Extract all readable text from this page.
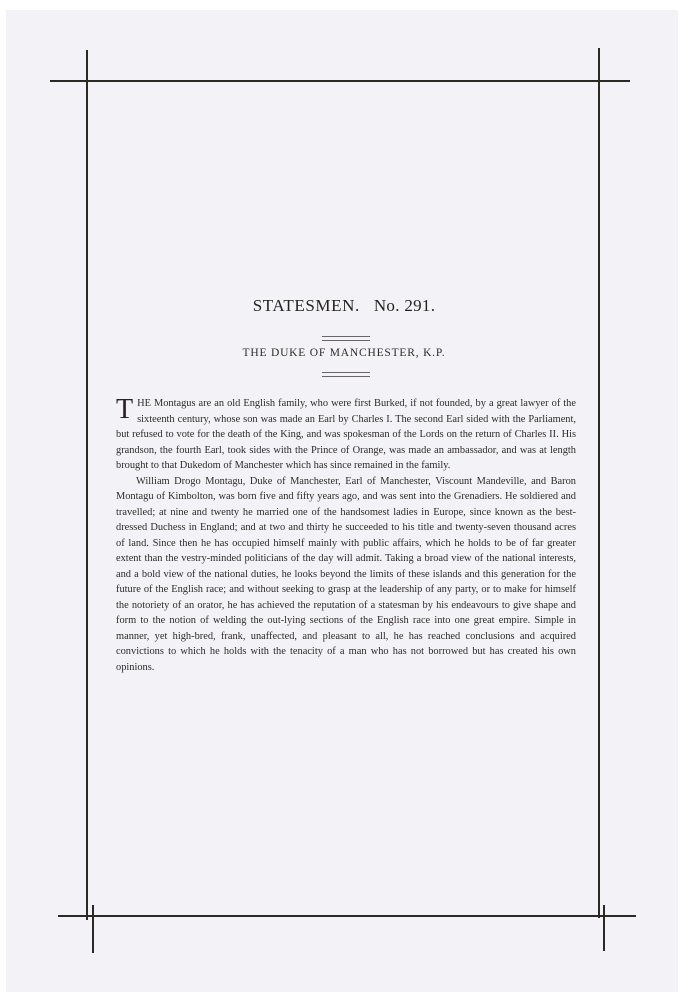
STATESMEN. No. 291.
THE DUKE OF MANCHESTER, K.P.

THE Montagus are an old English family, who were first Burked, if not founded, by a great lawyer of the sixteenth century, whose son was made an Earl by Charles I. The second Earl sided with the Parliament, but refused to vote for the death of the King, and was spokesman of the Lords on the return of Charles II. His grandson, the fourth Earl, took sides with the Prince of Orange, was made an ambassador, and was at length brought to that Dukedom of Manchester which has since remained in the family.

William Drogo Montagu, Duke of Manchester, Earl of Manchester, Viscount Mandeville, and Baron Montagu of Kimbolton, was born five and fifty years ago, and was sent into the Grenadiers. He soldiered and travelled; at nine and twenty he married one of the handsomest ladies in Europe, since known as the best-dressed Duchess in England; and at two and thirty he succeeded to his title and twenty-seven thousand acres of land. Since then he has occupied himself mainly with public affairs, which he holds to be of far greater extent than the vestry-minded politicians of the day will admit. Taking a broad view of the national interests, and a bold view of the national duties, he looks beyond the limits of these islands and this generation for the future of the English race; and without seeking to grasp at the leadership of any party, or to make for himself the notoriety of an orator, he has achieved the reputation of a statesman by his endeavours to give shape and form to the notion of welding the out-lying sections of the English race into one great empire. Simple in manner, yet high-bred, frank, unaffected, and pleasant to all, he has reached conclusions and acquired convictions to which he holds with the tenacity of a man who has not borrowed but has created his own opinions.
